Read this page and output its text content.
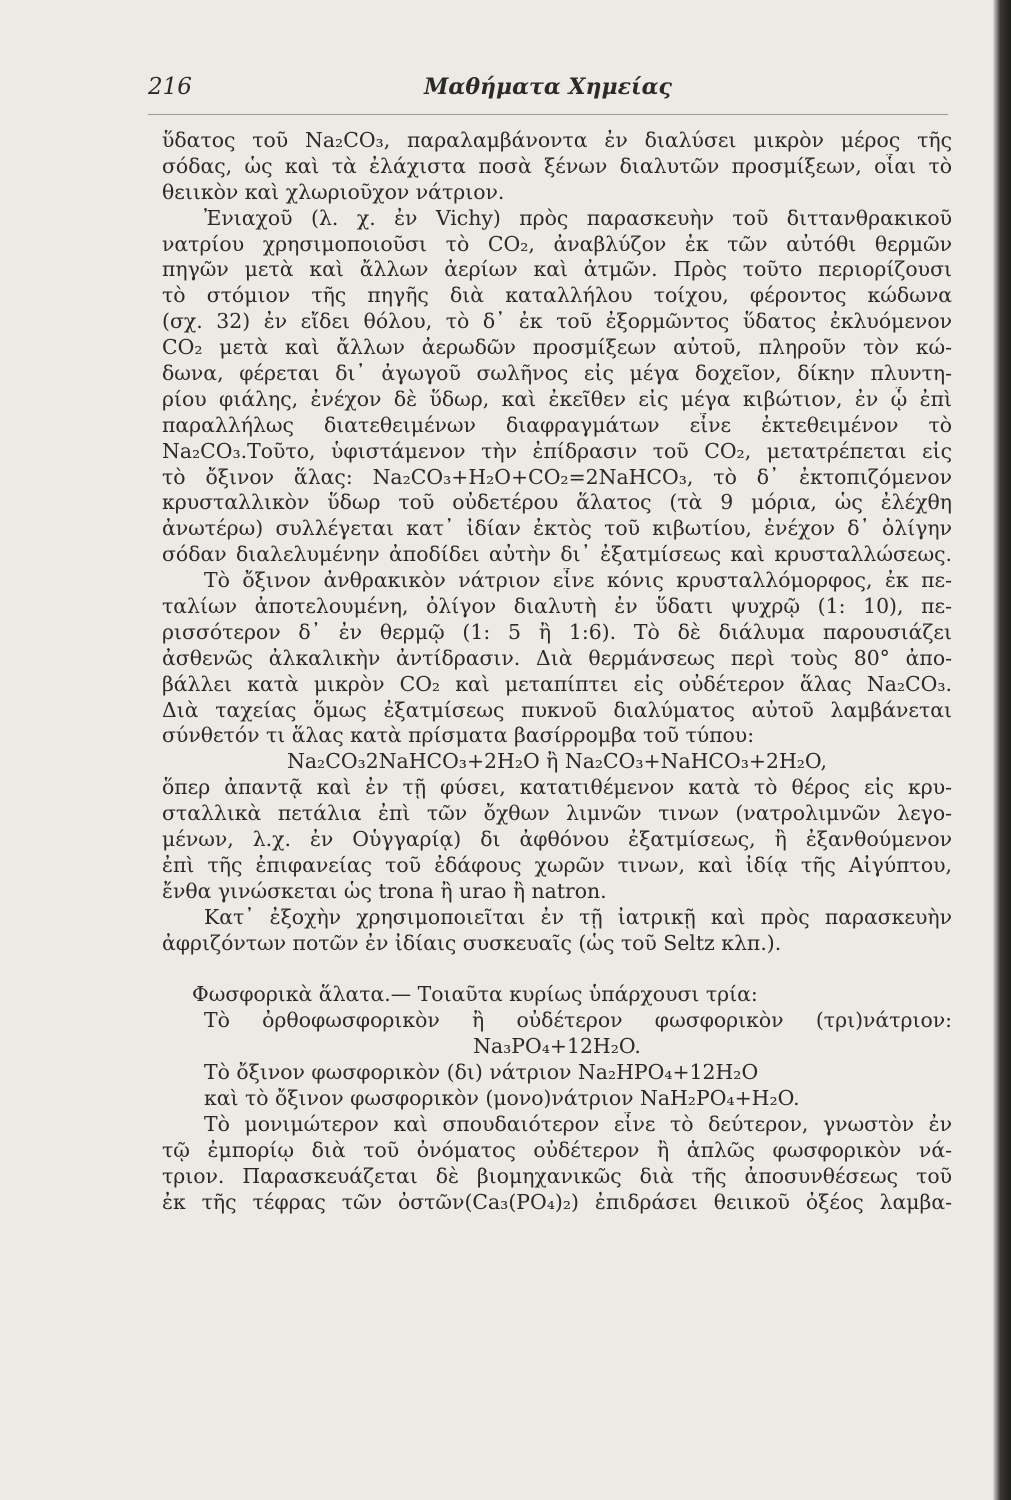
216	Μαθήματα Χημείας
ὕδατος τοῦ Na₂CO₃, παραλαμβάνοντα ἐν διαλύσει μικρὸν μέρος τῆς
σόδας, ὡς καὶ τὰ ἐλάχιστα ποσὰ ξένων διαλυτῶν προσμίξεων, οἷαι τὸ
θειικὸν καὶ χλωριοῦχον νάτριον.
Ἐνιαχοῦ (λ. χ. ἐν Vichy) πρὸς παρασκευὴν τοῦ διττανθρακικοῦ
νατρίου χρησιμοποιοῦσι τὸ CO₂, ἀναβλύζον ἐκ τῶν αὐτόθι θερμῶν
πηγῶν μετὰ καὶ ἄλλων ἀερίων καὶ ἀτμῶν. Πρὸς τοῦτο περιορίζουσι
τὸ στόμιον τῆς πηγῆς διὰ καταλλήλου τοίχου, φέροντος κώδωνα
(σχ. 32) ἐν εἴδει θόλου, τὸ δ᾽ ἐκ τοῦ ἐξορμῶντος ὕδατος ἐκλυόμενον
CO₂ μετὰ καὶ ἄλλων ἀερωδῶν προσμίξεων αὐτοῦ, πληροῦν τὸν κώ-
δωνα, φέρεται δι᾽ ἀγωγοῦ σωλῆνος εἰς μέγα δοχεῖον, δίκην πλυντη-
ρίου φιάλης, ἐνέχον δὲ ὕδωρ, καὶ ἐκεῖθεν εἰς μέγα κιβώτιον, ἐν ᾧ ἐπὶ
παραλλήλως διατεθειμένων διαφραγμάτων εἶνε ἐκτεθειμένον τὸ
Na₂CO₃.Τοῦτο, ὑφιστάμενον τὴν ἐπίδρασιν τοῦ CO₂, μετατρέπεται εἰς
τὸ ὄξινον ἅλας: Na₂CO₃+H₂O+CO₂=2NaHCO₃, τὸ δ᾽ ἐκτοπιζόμενον
κρυσταλλικὸν ὕδωρ τοῦ οὐδετέρου ἅλατος (τὰ 9 μόρια, ὡς ἐλέχθη
ἀνωτέρω) συλλέγεται κατ᾽ ἰδίαν ἐκτὸς τοῦ κιβωτίου, ἐνέχον δ᾽ ὀλίγην
σόδαν διαλελυμένην ἀποδίδει αὐτὴν δι᾽ ἐξατμίσεως καὶ κρυσταλλώσεως.
Τὸ ὄξινον ἀνθρακικὸν νάτριον εἶνε κόνις κρυσταλλόμορφος, ἐκ πε-
ταλίων ἀποτελουμένη, ὀλίγον διαλυτὴ ἐν ὕδατι ψυχρῷ (1: 10), πε-
ρισσότερον δ᾽ ἐν θερμῷ (1: 5 ἢ 1:6). Τὸ δὲ διάλυμα παρουσιάζει
ἀσθενῶς ἀλκαλικὴν ἀντίδρασιν. Διὰ θερμάνσεως περὶ τοὺς 80° ἀπο-
βάλλει κατὰ μικρὸν CO₂ καὶ μεταπίπτει εἰς οὐδέτερον ἅλας Na₂CO₃.
Διὰ ταχείας ὅμως ἐξατμίσεως πυκνοῦ διαλύματος αὐτοῦ λαμβάνεται
σύνθετόν τι ἅλας κατὰ πρίσματα βασίρρομβα τοῦ τύπου:
Na₂CO₃2NaHCO₃+2H₂O ἢ Na₂CO₃+NaHCO₃+2H₂O,
ὅπερ ἀπαντᾷ καὶ ἐν τῇ φύσει, κατατιθέμενον κατὰ τὸ θέρος εἰς κρυ-
σταλλικὰ πετάλια ἐπὶ τῶν ὄχθων λιμνῶν τινων (νατρολιμνῶν λεγο-
μένων, λ.χ. ἐν Οὑγγαρίᾳ) δι ἀφθόνου ἐξατμίσεως, ἢ ἐξανθούμενον
ἐπὶ τῆς ἐπιφανείας τοῦ ἐδάφους χωρῶν τινων, καὶ ἰδίᾳ τῆς Αἰγύπτου,
ἔνθα γινώσκεται ὡς trona ἢ urao ἢ natron.
Κατ᾽ ἐξοχὴν χρησιμοποιεῖται ἐν τῇ ἰατρικῇ καὶ πρὸς παρασκευὴν
ἀφριζόντων ποτῶν ἐν ἰδίαις συσκευαῖς (ὡς τοῦ Seltz κλπ.).
Φωσφορικὰ ἅλατα.— Τοιαῦτα κυρίως ὑπάρχουσι τρία:
Τὸ ὀρθοφωσφορικὸν ἢ οὐδέτερον φωσφορικὸν (τρι)νάτριον:
Na₃PO₄+12H₂O.
Τὸ ὄξινον φωσφορικὸν (δι) νάτριον Na₂HPO₄+12H₂O
καὶ τὸ ὄξινον φωσφορικὸν (μονο)νάτριον NaH₂PO₄+H₂O.
Τὸ μονιμώτερον καὶ σπουδαιότερον εἶνε τὸ δεύτερον, γνωστὸν ἐν
τῷ ἐμπορίῳ διὰ τοῦ ὀνόματος οὐδέτερον ἢ ἁπλῶς φωσφορικὸν νά-
τριον. Παρασκευάζεται δὲ βιομηχανικῶς διὰ τῆς ἀποσυνθέσεως τοῦ
ἐκ τῆς τέφρας τῶν ὀστῶν(Ca₃(PO₄)₂) ἐπιδράσει θειικοῦ ὀξέος λαμβα-
